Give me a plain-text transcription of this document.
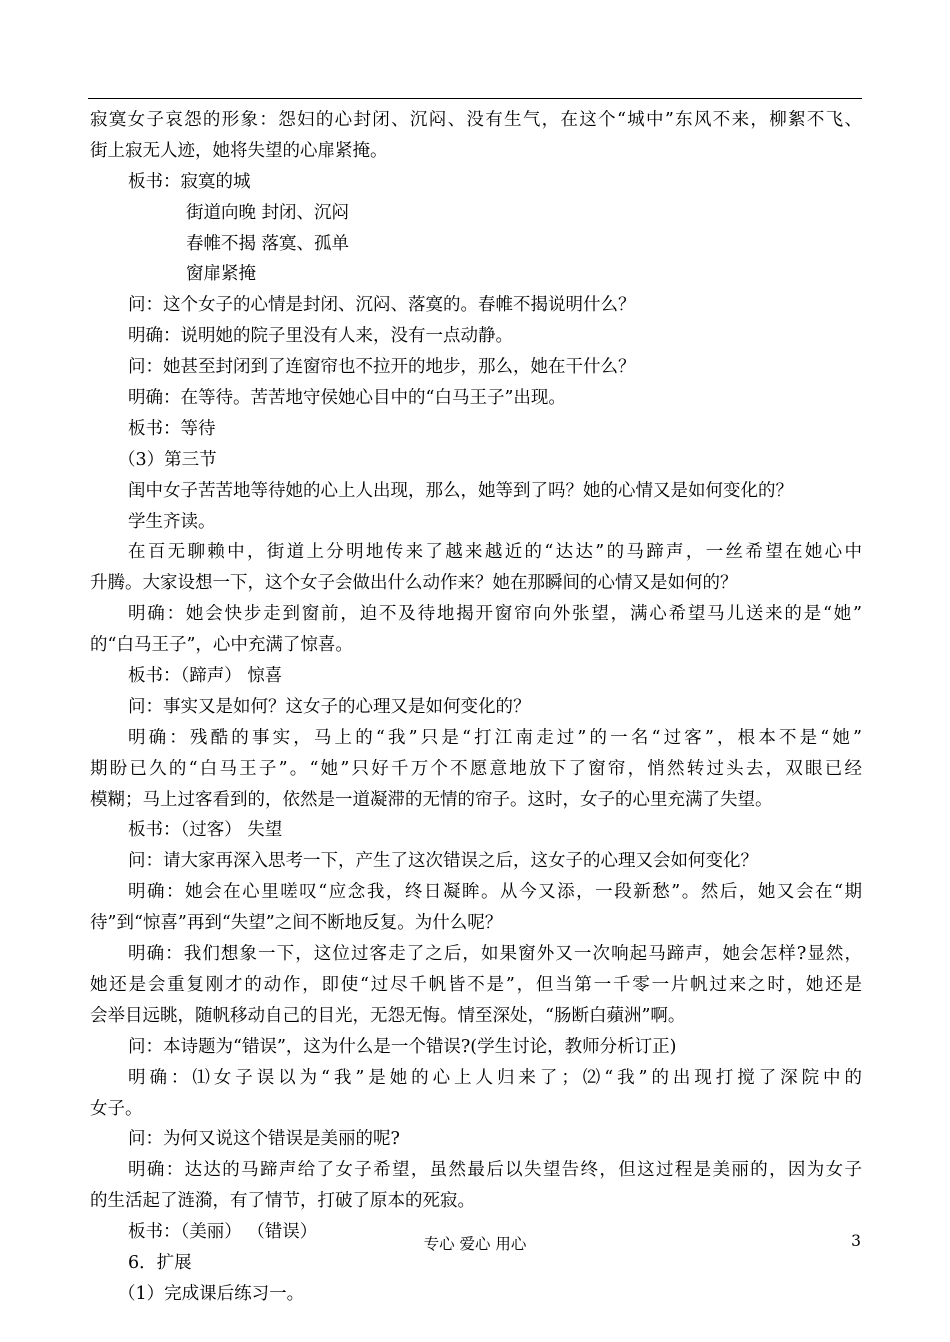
寂寞女子哀怨的形象：怨妇的心封闭、沉闷、没有生气，在这个“城中”东风不来，柳絮不飞、
街上寂无人迹，她将失望的心扉紧掩。
板书：寂寞的城
街道向晚 封闭、沉闷
春帷不揭 落寞、孤单
窗扉紧掩
问：这个女子的心情是封闭、沉闷、落寞的。春帷不揭说明什么？
明确：说明她的院子里没有人来，没有一点动静。
问：她甚至封闭到了连窗帘也不拉开的地步，那么，她在干什么？
明确：在等待。苦苦地守侯她心目中的“白马王子”出现。
板书：等待
（3）第三节
闺中女子苦苦地等待她的心上人出现，那么，她等到了吗？她的心情又是如何变化的？
学生齐读。
在百无聊赖中，街道上分明地传来了越来越近的“达达”的马蹄声，一丝希望在她心中
升腾。大家设想一下，这个女子会做出什么动作来？她在那瞬间的心情又是如何的？
明确：她会快步走到窗前，迫不及待地揭开窗帘向外张望，满心希望马儿送来的是“她”
的“白马王子”，心中充满了惊喜。
板书：（蹄声） 惊喜
问：事实又是如何？这女子的心理又是如何变化的？
明确：残酷的事实，马上的“我”只是“打江南走过”的一名“过客”，根本不是“她”
期盼已久的“白马王子”。“她”只好千万个不愿意地放下了窗帘，悄然转过头去，双眼已经
模糊；马上过客看到的，依然是一道凝滞的无情的帘子。这时，女子的心里充满了失望。
板书：（过客） 失望
问：请大家再深入思考一下，产生了这次错误之后，这女子的心理又会如何变化？
明确：她会在心里嗟叹“应念我，终日凝眸。从今又添，一段新愁”。然后，她又会在“期
待”到“惊喜”再到“失望”之间不断地反复。为什么呢？
明确：我们想象一下，这位过客走了之后，如果窗外又一次响起马蹄声，她会怎样?显然，
她还是会重复刚才的动作，即使“过尽千帆皆不是”，但当第一千零一片帆过来之时，她还是
会举目远眺，随帆移动自己的目光，无怨无悔。情至深处，“肠断白蘋洲”啊。
问：本诗题为“错误”，这为什么是一个错误?(学生讨论，教师分析订正)
明确：⑴女子误以为“我”是她的心上人归来了；⑵“我”的出现打搅了深院中的
女子。
问：为何又说这个错误是美丽的呢?
明确：达达的马蹄声给了女子希望，虽然最后以失望告终，但这过程是美丽的，因为女子
的生活起了涟漪，有了情节，打破了原本的死寂。
板书：（美丽） （错误）
6．扩展
（1）完成课后练习一。
专心 爱心 用心	3
